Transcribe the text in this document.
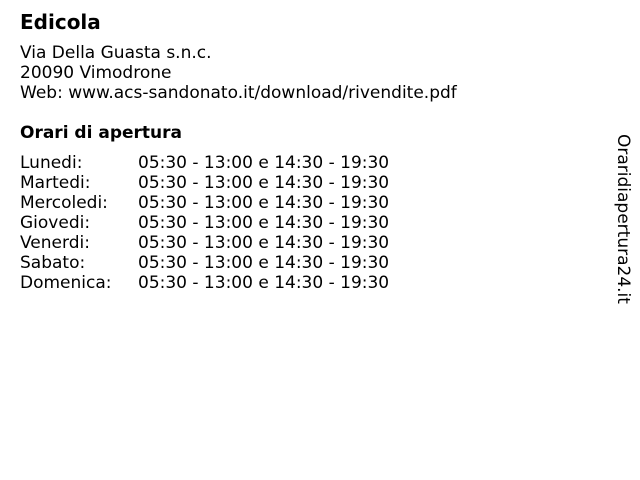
Edicola
Via Della Guasta s.n.c.
20090 Vimodrone
Web: www.acs-sandonato.it/download/rivendite.pdf
Orari di apertura
Lunedi:	05:30 - 13:00 e 14:30 - 19:30
Martedi:	05:30 - 13:00 e 14:30 - 19:30
Mercoledi: 05:30 - 13:00 e 14:30 - 19:30
Giovedi:	05:30 - 13:00 e 14:30 - 19:30
Venerdi:	05:30 - 13:00 e 14:30 - 19:30
Sabato:	05:30 - 13:00 e 14:30 - 19:30
Domenica: 05:30 - 13:00 e 14:30 - 19:30	Oraridiapertura24.it
